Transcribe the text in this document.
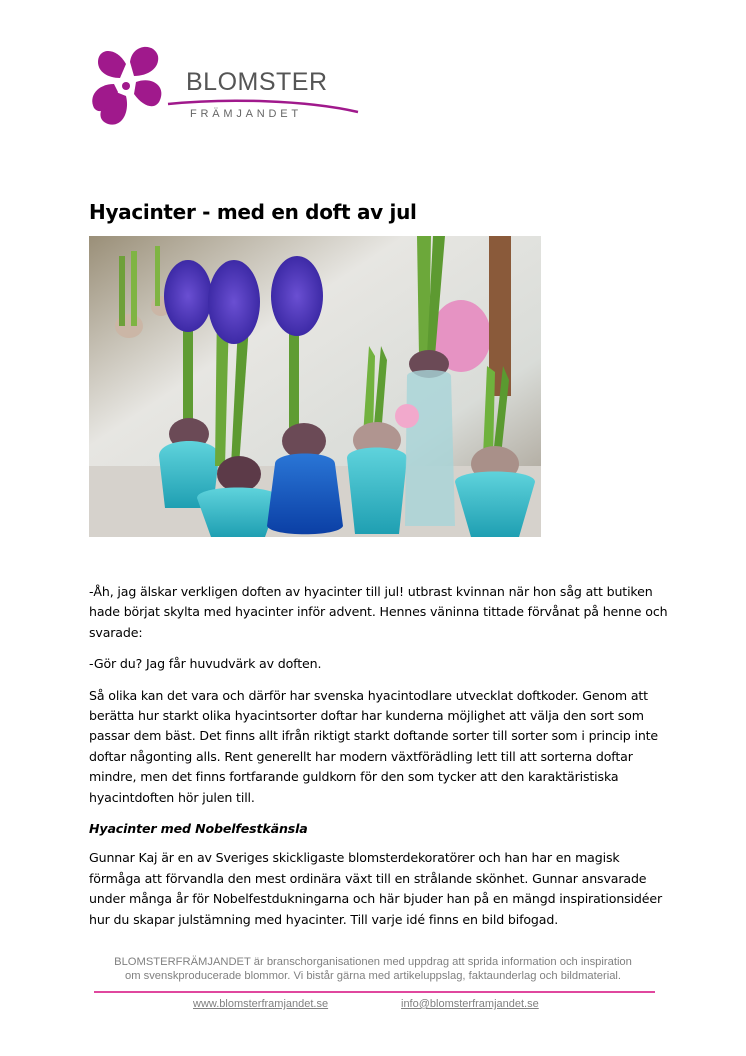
BLOMSTER
FRÄMJANDET
Hyacinter - med en doft av jul

-Åh, jag älskar verkligen doften av hyacinter till jul! utbrast kvinnan när hon såg att butiken hade börjat skylta med hyacinter inför advent. Hennes väninna tittade förvånat på henne och svarade:

-Gör du? Jag får huvudvärk av doften.

Så olika kan det vara och därför har svenska hyacintodlare utvecklat doftkoder. Genom att berätta hur starkt olika hyacintsorter doftar har kunderna möjlighet att välja den sort som passar dem bäst. Det finns allt ifrån riktigt starkt doftande sorter till sorter som i princip inte doftar någonting alls. Rent generellt har modern växtförädling lett till att sorterna doftar mindre, men det finns fortfarande guldkorn för den som tycker att den karaktäristiska hyacintdoften hör julen till.

Hyacinter med Nobelfestkänsla

Gunnar Kaj är en av Sveriges skickligaste blomsterdekoratörer och han har en magisk förmåga att förvandla den mest ordinära växt till en strålande skönhet. Gunnar ansvarade under många år för Nobelfestdukningarna och här bjuder han på en mängd inspirationsidéer hur du skapar julstämning med hyacinter. Till varje idé finns en bild bifogad.

BLOMSTERFRÄMJANDET är branschorganisationen med uppdrag att sprida information och inspiration
om svenskproducerade blommor. Vi bistår gärna med artikeluppslag, faktaunderlag och bildmaterial.
www.blomsterframjandet.se	info@blomsterframjandet.se
